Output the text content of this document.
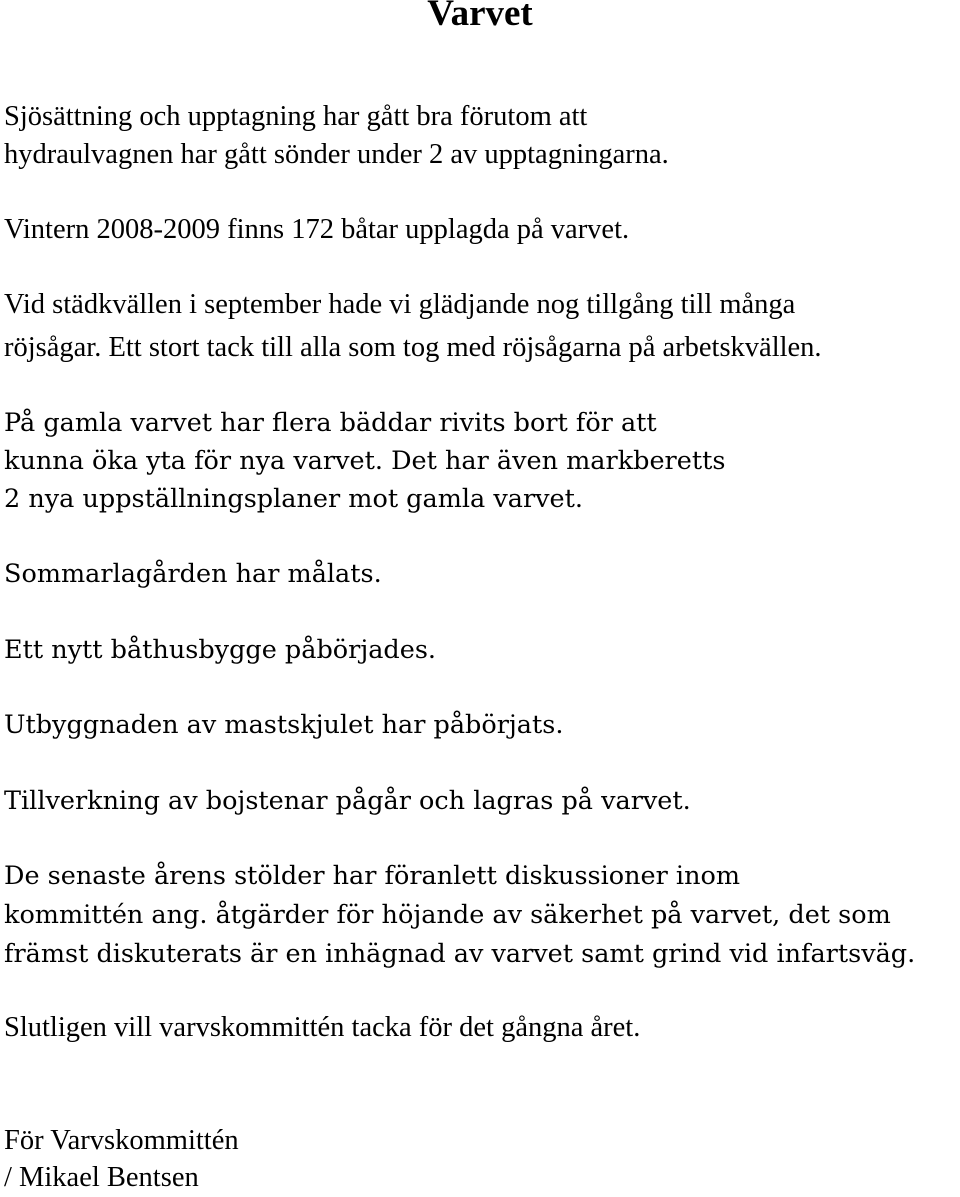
Varvet

Sjösättning och upptagning har gått bra förutom att

hydraulvagnen har gått sönder under 2 av upptagningarna.

Vintern 2008-2009 finns 172 båtar upplagda på varvet.

Vid städkvällen i september hade vi glädjande nog tillgång till många

röjsågar. Ett stort tack till alla som tog med röjsågarna på arbetskvällen.

På gamla varvet har flera bäddar rivits bort för att

kunna öka yta för nya varvet. Det har även markberetts

2 nya uppställningsplaner mot gamla varvet.

Sommarlagården har målats.

Ett nytt båthusbygge påbörjades.

Utbyggnaden av mastskjulet har påbörjats.

Tillverkning av bojstenar pågår och lagras på varvet.

De senaste årens stölder har föranlett diskussioner inom

kommittén ang. åtgärder för höjande av säkerhet på varvet, det som

främst diskuterats är en inhägnad av varvet samt grind vid infartsväg.

Slutligen vill varvskommittén tacka för det gångna året.

För Varvskommittén

/ Mikael Bentsen
